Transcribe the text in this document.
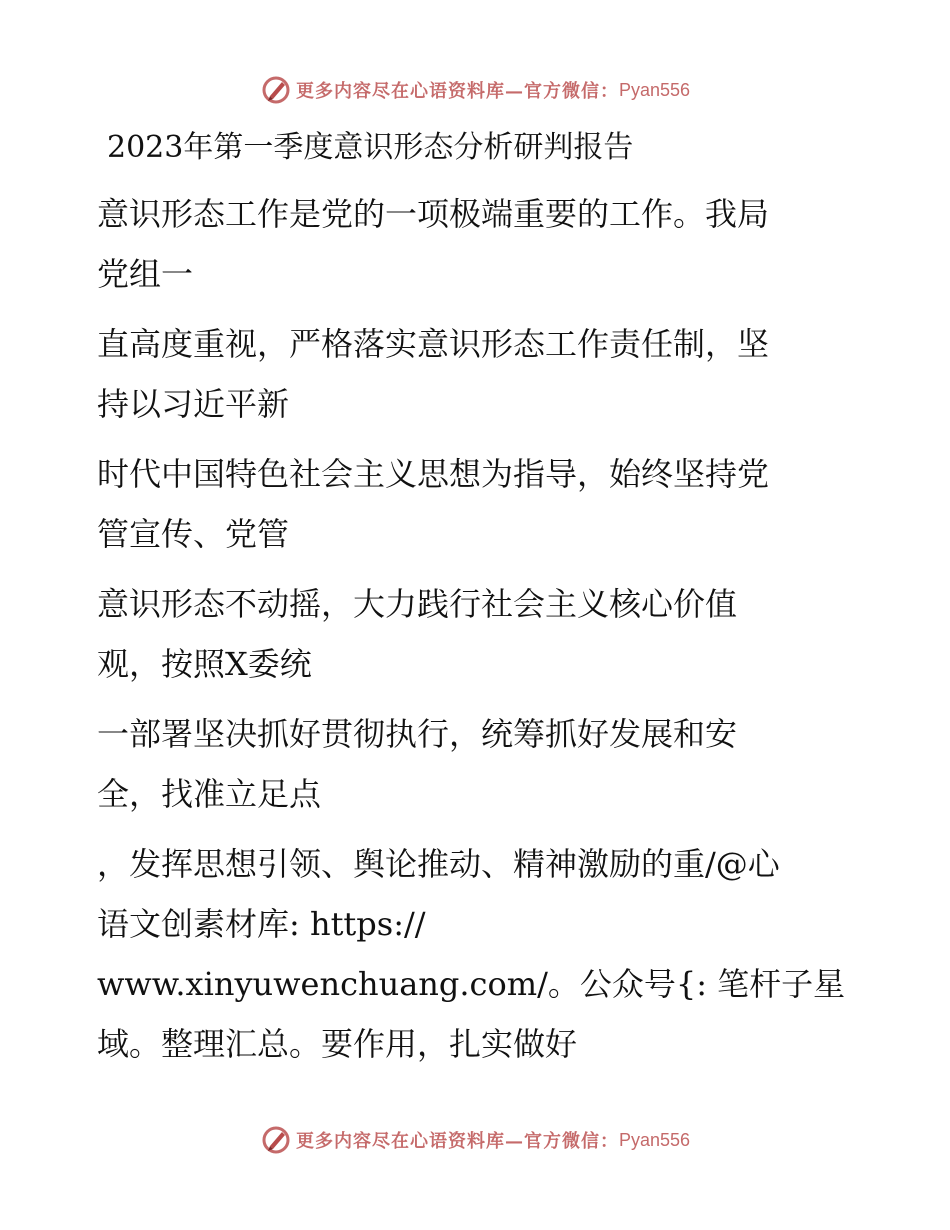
更多内容尽在心语资料库—官方微信： Pyan556
2023年第一季度意识形态分析研判报告

意识形态工作是党的一项极端重要的工作。我局

党组一

直高度重视，严格落实意识形态工作责任制，坚

持以习近平新

时代中国特色社会主义思想为指导，始终坚持党

管宣传、党管

意识形态不动摇，大力践行社会主义核心价值

观，按照X委统

一部署坚决抓好贯彻执行，统筹抓好发展和安

全，找准立足点

，发挥思想引领、舆论推动、精神激励的重/@心

语文创素材库: https://

www.xinyuwenchuang.com/。公众号{: 笔杆子星

域。整理汇总。要作用，扎实做好

更多内容尽在心语资料库—官方微信： Pyan556
